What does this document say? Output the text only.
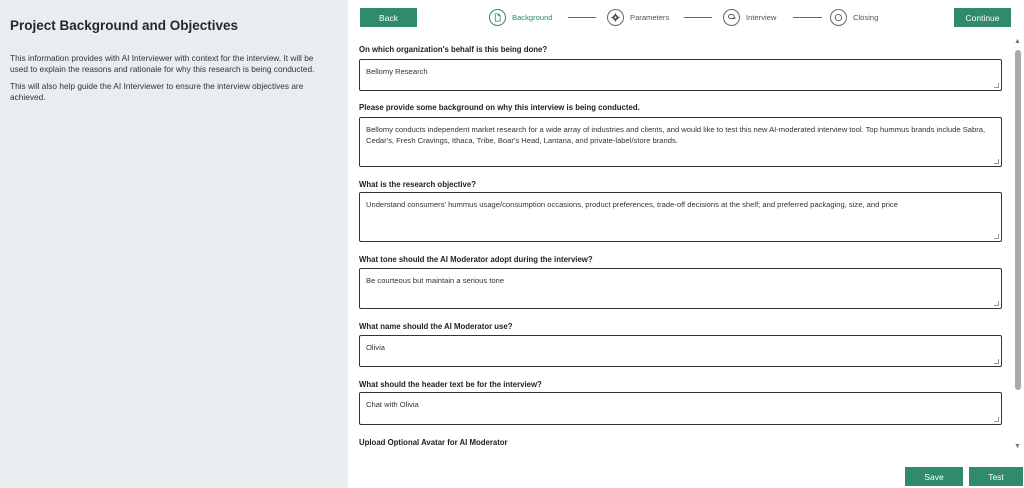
Project Background and Objectives

This information provides with AI Interviewer with context for the interview. It will be used to explain the reasons and rationale for why this research is being conducted.

This will also help guide the AI Interviewer to ensure the interview objectives are achieved.

Back	Background	Parameters	Interview	Closing	Continue
On which organization's behalf is this being done?
Bellomy Research
Please provide some background on why this interview is being conducted.
Bellomy conducts independent market research for a wide array of industries and clients, and would like to test this new AI-moderated interview tool. Top hummus brands include Sabra, Cedar's, Fresh Cravings, Ithaca, Tribe, Boar's Head, Lantana, and private-label/store brands.
What is the research objective?
Understand consumers' hummus usage/consumption occasions, product preferences, trade-off decisions at the shelf; and preferred packaging, size, and price
What tone should the AI Moderator adopt during the interview?
Be courteous but maintain a serious tone
What name should the AI Moderator use?
Olivia
What should the header text be for the interview?
Chat with Olivia
Upload Optional Avatar for AI Moderator
▲
▼
Save	Test
